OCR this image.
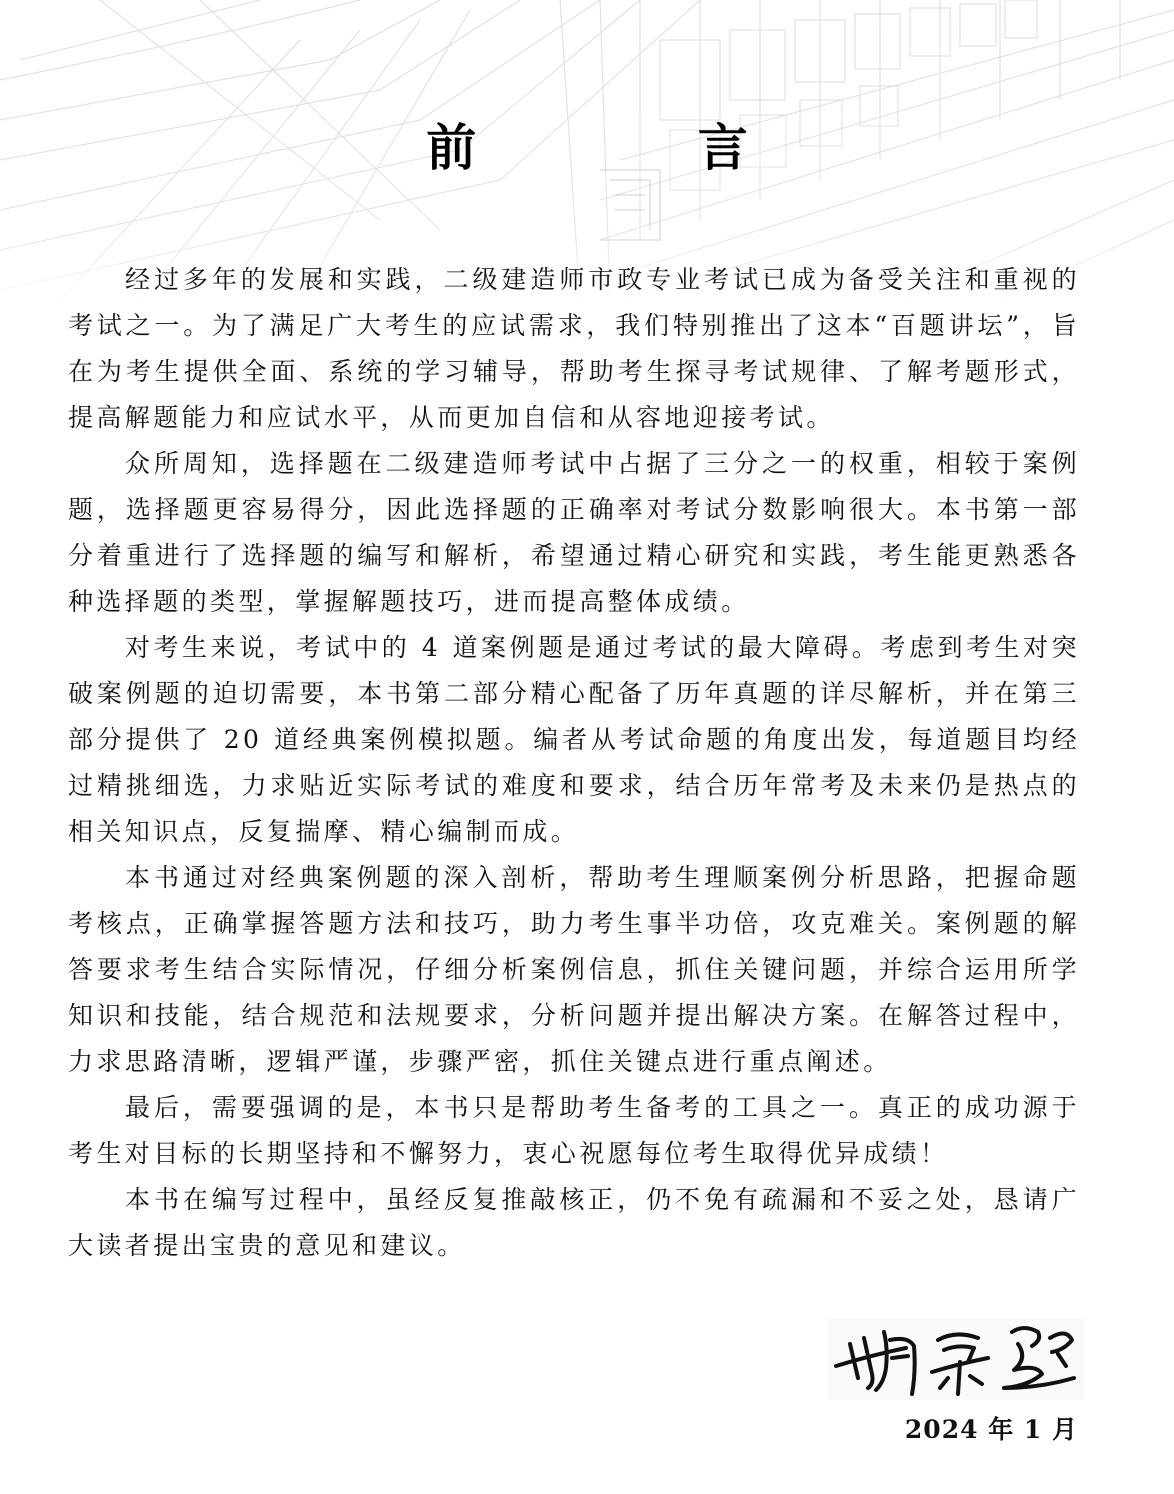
前 言

经过多年的发展和实践，二级建造师市政专业考试已成为备受关注和重视的考试之一。为了满足广大考生的应试需求，我们特别推出了这本“百题讲坛”，旨在为考生提供全面、系统的学习辅导，帮助考生探寻考试规律、了解考题形式，提高解题能力和应试水平，从而更加自信和从容地迎接考试。

众所周知，选择题在二级建造师考试中占据了三分之一的权重，相较于案例题，选择题更容易得分，因此选择题的正确率对考试分数影响很大。本书第一部分着重进行了选择题的编写和解析，希望通过精心研究和实践，考生能更熟悉各种选择题的类型，掌握解题技巧，进而提高整体成绩。

对考生来说，考试中的 4 道案例题是通过考试的最大障碍。考虑到考生对突破案例题的迫切需要，本书第二部分精心配备了历年真题的详尽解析，并在第三部分提供了 20 道经典案例模拟题。编者从考试命题的角度出发，每道题目均经过精挑细选，力求贴近实际考试的难度和要求，结合历年常考及未来仍是热点的相关知识点，反复揣摩、精心编制而成。

本书通过对经典案例题的深入剖析，帮助考生理顺案例分析思路，把握命题考核点，正确掌握答题方法和技巧，助力考生事半功倍，攻克难关。案例题的解答要求考生结合实际情况，仔细分析案例信息，抓住关键问题，并综合运用所学知识和技能，结合规范和法规要求，分析问题并提出解决方案。在解答过程中，力求思路清晰，逻辑严谨，步骤严密，抓住关键点进行重点阐述。

最后，需要强调的是，本书只是帮助考生备考的工具之一。真正的成功源于考生对目标的长期坚持和不懈努力，衷心祝愿每位考生取得优异成绩！

本书在编写过程中，虽经反复推敲核正，仍不免有疏漏和不妥之处，恳请广大读者提出宝贵的意见和建议。

2024 年 1 月
